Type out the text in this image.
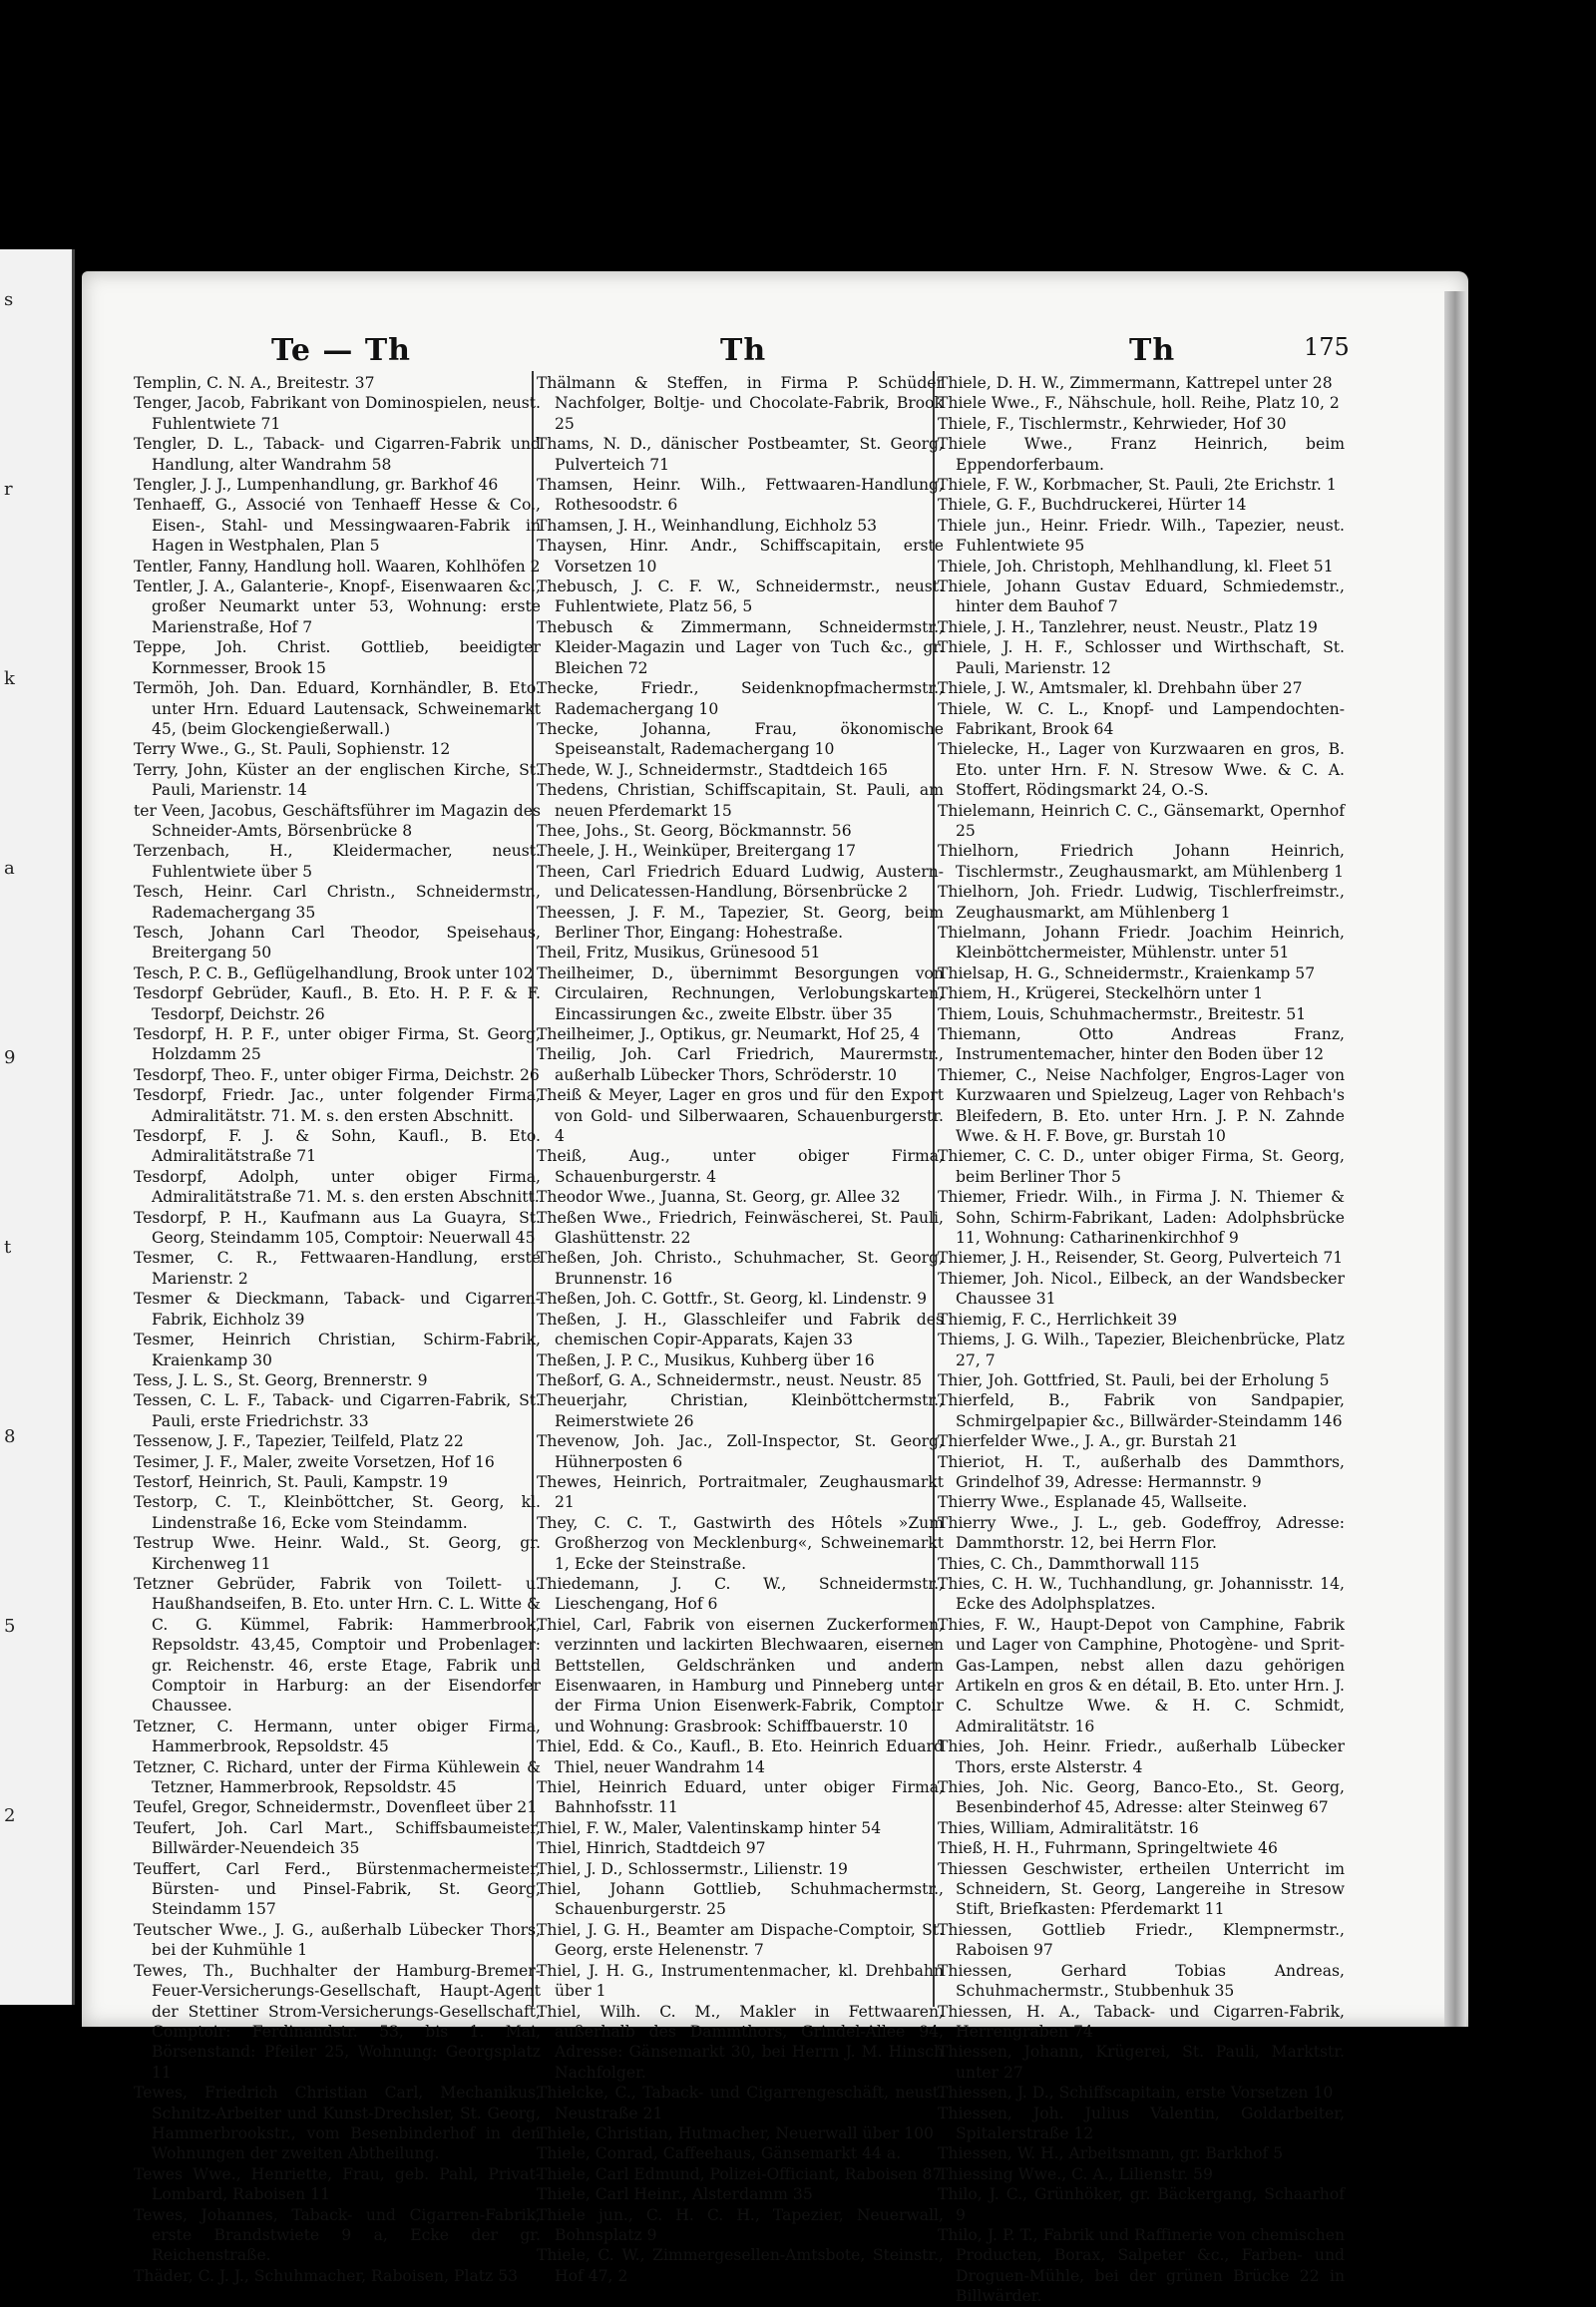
s
r
k
a
9
t
8
5
2
Te — Th	Th	Th	175

Templin, C. N. A., Breitestr. 37

Tenger, Jacob, Fabrikant von Dominospielen, neust. Fuhlentwiete 71

Tengler, D. L., Taback- und Cigarren-Fabrik und Handlung, alter Wandrahm 58

Tengler, J. J., Lumpenhandlung, gr. Barkhof 46

Tenhaeff, G., Associé von Tenhaeff Hesse & Co., Eisen-, Stahl- und Messingwaaren-Fabrik in Hagen in Westphalen, Plan 5

Tentler, Fanny, Handlung holl. Waaren, Kohlhöfen 2

Tentler, J. A., Galanterie-, Knopf-, Eisenwaaren &c., großer Neumarkt unter 53, Wohnung: erste Marienstraße, Hof 7

Teppe, Joh. Christ. Gottlieb, beeidigter Kornmesser, Brook 15

Termöh, Joh. Dan. Eduard, Kornhändler, B. Eto. unter Hrn. Eduard Lautensack, Schweinemarkt 45, (beim Glockengießerwall.)

Terry Wwe., G., St. Pauli, Sophienstr. 12

Terry, John, Küster an der englischen Kirche, St. Pauli, Marienstr. 14

ter Veen, Jacobus, Geschäftsführer im Magazin des Schneider-Amts, Börsenbrücke 8

Terzenbach, H., Kleidermacher, neust. Fuhlentwiete über 5

Tesch, Heinr. Carl Christn., Schneidermstr., Rademachergang 35

Tesch, Johann Carl Theodor, Speisehaus, Breitergang 50

Tesch, P. C. B., Geflügelhandlung, Brook unter 102

Tesdorpf Gebrüder, Kaufl., B. Eto. H. P. F. & F. Tesdorpf, Deichstr. 26

Tesdorpf, H. P. F., unter obiger Firma, St. Georg, Holzdamm 25

Tesdorpf, Theo. F., unter obiger Firma, Deichstr. 26

Tesdorpf, Friedr. Jac., unter folgender Firma, Admiralitätstr. 71. M. s. den ersten Abschnitt.

Tesdorpf, F. J. & Sohn, Kaufl., B. Eto. Admiralitätstraße 71

Tesdorpf, Adolph, unter obiger Firma, Admiralitätstraße 71. M. s. den ersten Abschnitt.

Tesdorpf, P. H., Kaufmann aus La Guayra, St. Georg, Steindamm 105, Comptoir: Neuerwall 45

Tesmer, C. R., Fettwaaren-Handlung, erste Marienstr. 2

Tesmer & Dieckmann, Taback- und Cigarren-Fabrik, Eichholz 39

Tesmer, Heinrich Christian, Schirm-Fabrik, Kraienkamp 30

Tess, J. L. S., St. Georg, Brennerstr. 9

Tessen, C. L. F., Taback- und Cigarren-Fabrik, St. Pauli, erste Friedrichstr. 33

Tessenow, J. F., Tapezier, Teilfeld, Platz 22

Tesimer, J. F., Maler, zweite Vorsetzen, Hof 16

Testorf, Heinrich, St. Pauli, Kampstr. 19

Testorp, C. T., Kleinböttcher, St. Georg, kl. Lindenstraße 16, Ecke vom Steindamm.

Testrup Wwe. Heinr. Wald., St. Georg, gr. Kirchenweg 11

Tetzner Gebrüder, Fabrik von Toilett- u. Haußhandseifen, B. Eto. unter Hrn. C. L. Witte & C. G. Kümmel, Fabrik: Hammerbrook, Repsoldstr. 43,45, Comptoir und Probenlager: gr. Reichenstr. 46, erste Etage, Fabrik und Comptoir in Harburg: an der Eisendorfer Chaussee.

Tetzner, C. Hermann, unter obiger Firma, Hammerbrook, Repsoldstr. 45

Tetzner, C. Richard, unter der Firma Kühlewein & Tetzner, Hammerbrook, Repsoldstr. 45

Teufel, Gregor, Schneidermstr., Dovenfleet über 21

Teufert, Joh. Carl Mart., Schiffsbaumeister, Billwärder-Neuendeich 35

Teuffert, Carl Ferd., Bürstenmachermeister, Bürsten- und Pinsel-Fabrik, St. Georg, Steindamm 157

Teutscher Wwe., J. G., außerhalb Lübecker Thors, bei der Kuhmühle 1

Tewes, Th., Buchhalter der Hamburg-Bremer-Feuer-Versicherungs-Gesellschaft, Haupt-Agent der Stettiner Strom-Versicherungs-Gesellschaft, Comptoir: Ferdinandstr. 53, bis 1. Mai, Börsenstand: Pfeiler 25, Wohnung: Georgsplatz 11

Tewes, Friedrich Christian Carl, Mechanikus, Schnitz-Arbeiter und Kunst-Drechsler, St. Georg, Hammerbrookstr., vom Besenbinderhof in den Wohnungen der zweiten Abtheilung.

Tewes Wwe., Henriette, Frau, geb. Pahl, Privat-Lombard, Raboisen 11

Tewes, Johannes, Taback- und Cigarren-Fabrik, erste Brandstwiete 9 a, Ecke der gr. Reichenstraße.

Thäder, C. J. J., Schuhmacher, Raboisen, Platz 53

Thälmann & Steffen, in Firma P. Schüder Nachfolger, Boltje- und Chocolate-Fabrik, Brook 25

Thams, N. D., dänischer Postbeamter, St. Georg, Pulverteich 71

Thamsen, Heinr. Wilh., Fettwaaren-Handlung, Rothesoodstr. 6

Thamsen, J. H., Weinhandlung, Eichholz 53

Thaysen, Hinr. Andr., Schiffscapitain, erste Vorsetzen 10

Thebusch, J. C. F. W., Schneidermstr., neust. Fuhlentwiete, Platz 56, 5

Thebusch & Zimmermann, Schneidermstr., Kleider-Magazin und Lager von Tuch &c., gr. Bleichen 72

Thecke, Friedr., Seidenknopfmachermstr., Rademachergang 10

Thecke, Johanna, Frau, ökonomische Speiseanstalt, Rademachergang 10

Thede, W. J., Schneidermstr., Stadtdeich 165

Thedens, Christian, Schiffscapitain, St. Pauli, am neuen Pferdemarkt 15

Thee, Johs., St. Georg, Böckmannstr. 56

Theele, J. H., Weinküper, Breitergang 17

Theen, Carl Friedrich Eduard Ludwig, Austern- und Delicatessen-Handlung, Börsenbrücke 2

Theessen, J. F. M., Tapezier, St. Georg, beim Berliner Thor, Eingang: Hohestraße.

Theil, Fritz, Musikus, Grünesood 51

Theilheimer, D., übernimmt Besorgungen von Circulairen, Rechnungen, Verlobungskarten, Eincassirungen &c., zweite Elbstr. über 35

Theilheimer, J., Optikus, gr. Neumarkt, Hof 25, 4

Theilig, Joh. Carl Friedrich, Maurermstr., außerhalb Lübecker Thors, Schröderstr. 10

Theiß & Meyer, Lager en gros und für den Export von Gold- und Silberwaaren, Schauenburgerstr. 4

Theiß, Aug., unter obiger Firma, Schauenburgerstr. 4

Theodor Wwe., Juanna, St. Georg, gr. Allee 32

Theßen Wwe., Friedrich, Feinwäscherei, St. Pauli, Glashüttenstr. 22

Theßen, Joh. Christo., Schuhmacher, St. Georg, Brunnenstr. 16

Theßen, Joh. C. Gottfr., St. Georg, kl. Lindenstr. 9

Theßen, J. H., Glasschleifer und Fabrik des chemischen Copir-Apparats, Kajen 33

Theßen, J. P. C., Musikus, Kuhberg über 16

Theßorf, G. A., Schneidermstr., neust. Neustr. 85

Theuerjahr, Christian, Kleinböttchermstr., Reimerstwiete 26

Thevenow, Joh. Jac., Zoll-Inspector, St. Georg, Hühnerposten 6

Thewes, Heinrich, Portraitmaler, Zeughausmarkt 21

They, C. C. T., Gastwirth des Hôtels »Zum Großherzog von Mecklenburg«, Schweinemarkt 1, Ecke der Steinstraße.

Thiedemann, J. C. W., Schneidermstr., Lieschengang, Hof 6

Thiel, Carl, Fabrik von eisernen Zuckerformen, verzinnten und lackirten Blechwaaren, eisernen Bettstellen, Geldschränken und andern Eisenwaaren, in Hamburg und Pinneberg unter der Firma Union Eisenwerk-Fabrik, Comptoir und Wohnung: Grasbrook: Schiffbauerstr. 10

Thiel, Edd. & Co., Kaufl., B. Eto. Heinrich Eduard Thiel, neuer Wandrahm 14

Thiel, Heinrich Eduard, unter obiger Firma, Bahnhofsstr. 11

Thiel, F. W., Maler, Valentinskamp hinter 54

Thiel, Hinrich, Stadtdeich 97

Thiel, J. D., Schlossermstr., Lilienstr. 19

Thiel, Johann Gottlieb, Schuhmachermstr., Schauenburgerstr. 25

Thiel, J. G. H., Beamter am Dispache-Comptoir, St. Georg, erste Helenenstr. 7

Thiel, J. H. G., Instrumentenmacher, kl. Drehbahn über 1

Thiel, Wilh. C. M., Makler in Fettwaaren, außerhalb des Dammthors, Grindel-Allee 94, Adresse: Gänsemarkt 30, bei Herrn J. M. Hinsch Nachfolger.

Thielcke, C., Taback- und Cigarrengeschäft, neust. Neustraße 21

Thiele, Christian, Hutmacher, Neuerwall über 100

Thiele, Conrad, Caffeehaus, Gänsemarkt 44 a.

Thiele, Carl Edmund, Polizei-Officiant, Raboisen 87

Thiele, Carl Heinr., Alsterdamm 35

Thiele jun., C. H. C. H., Tapezier, Neuerwall, Bohnsplatz 9

Thiele, C. W., Zimmergesellen-Amtsbote, Steinstr., Hof 47, 2

Thiele, D. H. W., Zimmermann, Kattrepel unter 28

Thiele Wwe., F., Nähschule, holl. Reihe, Platz 10, 2

Thiele, F., Tischlermstr., Kehrwieder, Hof 30

Thiele Wwe., Franz Heinrich, beim Eppendorferbaum.

Thiele, F. W., Korbmacher, St. Pauli, 2te Erichstr. 1

Thiele, G. F., Buchdruckerei, Hürter 14

Thiele jun., Heinr. Friedr. Wilh., Tapezier, neust. Fuhlentwiete 95

Thiele, Joh. Christoph, Mehlhandlung, kl. Fleet 51

Thiele, Johann Gustav Eduard, Schmiedemstr., hinter dem Bauhof 7

Thiele, J. H., Tanzlehrer, neust. Neustr., Platz 19

Thiele, J. H. F., Schlosser und Wirthschaft, St. Pauli, Marienstr. 12

Thiele, J. W., Amtsmaler, kl. Drehbahn über 27

Thiele, W. C. L., Knopf- und Lampendochten-Fabrikant, Brook 64

Thielecke, H., Lager von Kurzwaaren en gros, B. Eto. unter Hrn. F. N. Stresow Wwe. & C. A. Stoffert, Rödingsmarkt 24, O.-S.

Thielemann, Heinrich C. C., Gänsemarkt, Opernhof 25

Thielhorn, Friedrich Johann Heinrich, Tischlermstr., Zeughausmarkt, am Mühlenberg 1

Thielhorn, Joh. Friedr. Ludwig, Tischlerfreimstr., Zeughausmarkt, am Mühlenberg 1

Thielmann, Johann Friedr. Joachim Heinrich, Kleinböttchermeister, Mühlenstr. unter 51

Thielsap, H. G., Schneidermstr., Kraienkamp 57

Thiem, H., Krügerei, Steckelhörn unter 1

Thiem, Louis, Schuhmachermstr., Breitestr. 51

Thiemann, Otto Andreas Franz, Instrumentemacher, hinter den Boden über 12

Thiemer, C., Neise Nachfolger, Engros-Lager von Kurzwaaren und Spielzeug, Lager von Rehbach's Bleifedern, B. Eto. unter Hrn. J. P. N. Zahnde Wwe. & H. F. Bove, gr. Burstah 10

Thiemer, C. C. D., unter obiger Firma, St. Georg, beim Berliner Thor 5

Thiemer, Friedr. Wilh., in Firma J. N. Thiemer & Sohn, Schirm-Fabrikant, Laden: Adolphsbrücke 11, Wohnung: Catharinenkirchhof 9

Thiemer, J. H., Reisender, St. Georg, Pulverteich 71

Thiemer, Joh. Nicol., Eilbeck, an der Wandsbecker Chaussee 31

Thiemig, F. C., Herrlichkeit 39

Thiems, J. G. Wilh., Tapezier, Bleichenbrücke, Platz 27, 7

Thier, Joh. Gottfried, St. Pauli, bei der Erholung 5

Thierfeld, B., Fabrik von Sandpapier, Schmirgelpapier &c., Billwärder-Steindamm 146

Thierfelder Wwe., J. A., gr. Burstah 21

Thieriot, H. T., außerhalb des Dammthors, Grindelhof 39, Adresse: Hermannstr. 9

Thierry Wwe., Esplanade 45, Wallseite.

Thierry Wwe., J. L., geb. Godeffroy, Adresse: Dammthorstr. 12, bei Herrn Flor.

Thies, C. Ch., Dammthorwall 115

Thies, C. H. W., Tuchhandlung, gr. Johannisstr. 14, Ecke des Adolphsplatzes.

Thies, F. W., Haupt-Depot von Camphine, Fabrik und Lager von Camphine, Photogène- und Sprit-Gas-Lampen, nebst allen dazu gehörigen Artikeln en gros & en détail, B. Eto. unter Hrn. J. C. Schultze Wwe. & H. C. Schmidt, Admiralitätstr. 16

Thies, Joh. Heinr. Friedr., außerhalb Lübecker Thors, erste Alsterstr. 4

Thies, Joh. Nic. Georg, Banco-Eto., St. Georg, Besenbinderhof 45, Adresse: alter Steinweg 67

Thies, William, Admiralitätstr. 16

Thieß, H. H., Fuhrmann, Springeltwiete 46

Thiessen Geschwister, ertheilen Unterricht im Schneidern, St. Georg, Langereihe in Stresow Stift, Briefkasten: Pferdemarkt 11

Thiessen, Gottlieb Friedr., Klempnermstr., Raboisen 97

Thiessen, Gerhard Tobias Andreas, Schuhmachermstr., Stubbenhuk 35

Thiessen, H. A., Taback- und Cigarren-Fabrik, Herrengraben 74

Thiessen, Johann, Krügerei, St. Pauli, Marktstr. unter 27

Thiessen, J. D., Schiffscapitain, erste Vorsetzen 10

Thiessen, Joh. Julius Valentin, Goldarbeiter, Spitalerstraße 12

Thiessen, W. H., Arbeitsmann, gr. Barkhof 5

Thiessing Wwe., C. A., Lilienstr. 59

Thilo, J. C., Grünhöker, gr. Bäckergang, Schaarhof 9

Thilo, J. P. T., Fabrik und Raffinerie von chemischen Producten, Borax, Salpeter &c., Farben- und Droguen-Mühle, bei der grünen Brücke 22 in Billwärder.
